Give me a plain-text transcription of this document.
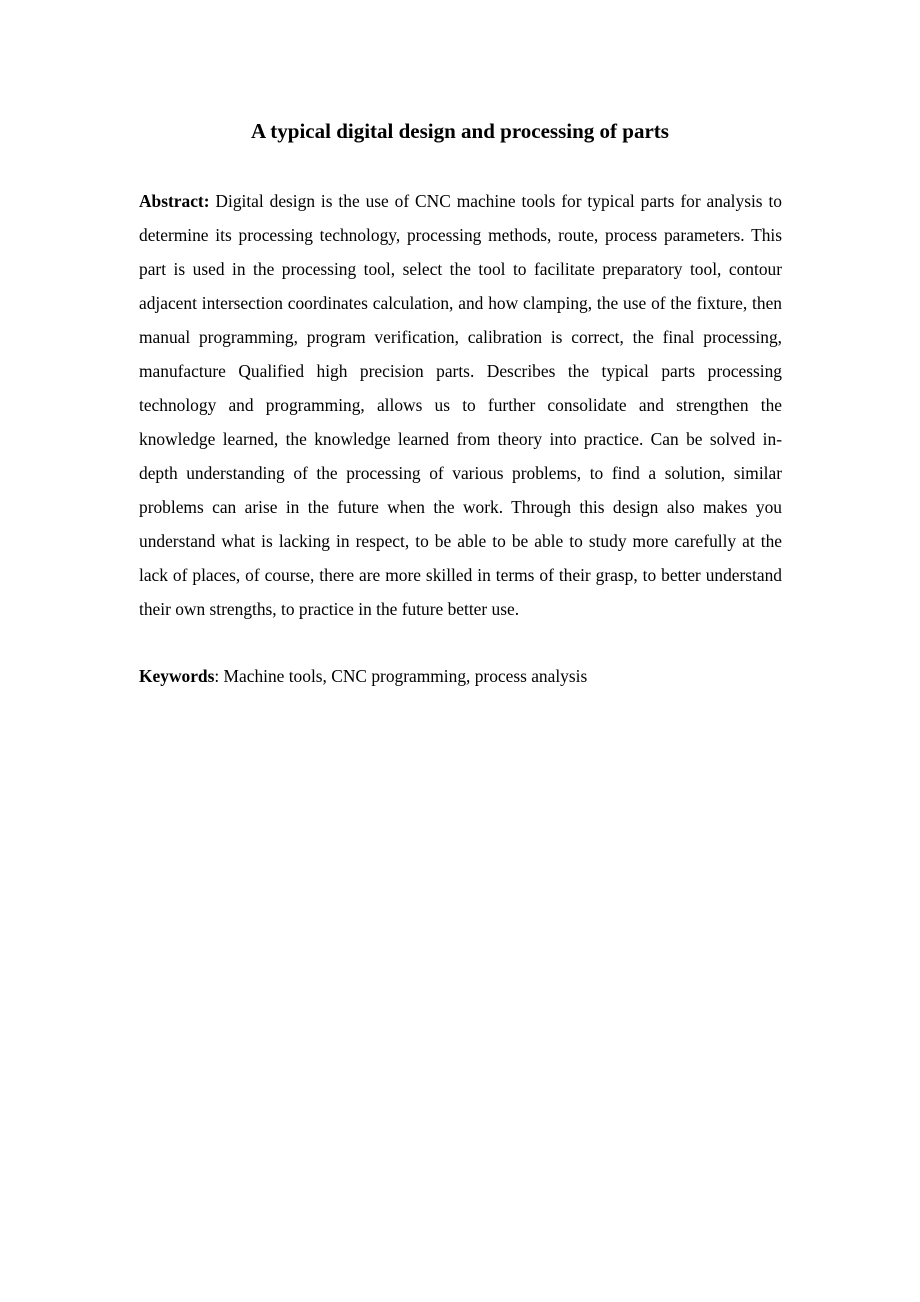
A typical digital design and processing of parts

Abstract: Digital design is the use of CNC machine tools for typical parts for analysis to determine its processing technology, processing methods, route, process parameters. This part is used in the processing tool, select the tool to facilitate preparatory tool, contour adjacent intersection coordinates calculation, and how clamping, the use of the fixture, then manual programming, program verification, calibration is correct, the final processing, manufacture Qualified high precision parts. Describes the typical parts processing technology and programming, allows us to further consolidate and strengthen the knowledge learned, the knowledge learned from theory into practice. Can be solved in-depth understanding of the processing of various problems, to find a solution, similar problems can arise in the future when the work. Through this design also makes you understand what is lacking in respect, to be able to be able to study more carefully at the lack of places, of course, there are more skilled in terms of their grasp, to better understand their own strengths, to practice in the future better use.

Keywords: Machine tools, CNC programming, process analysis
